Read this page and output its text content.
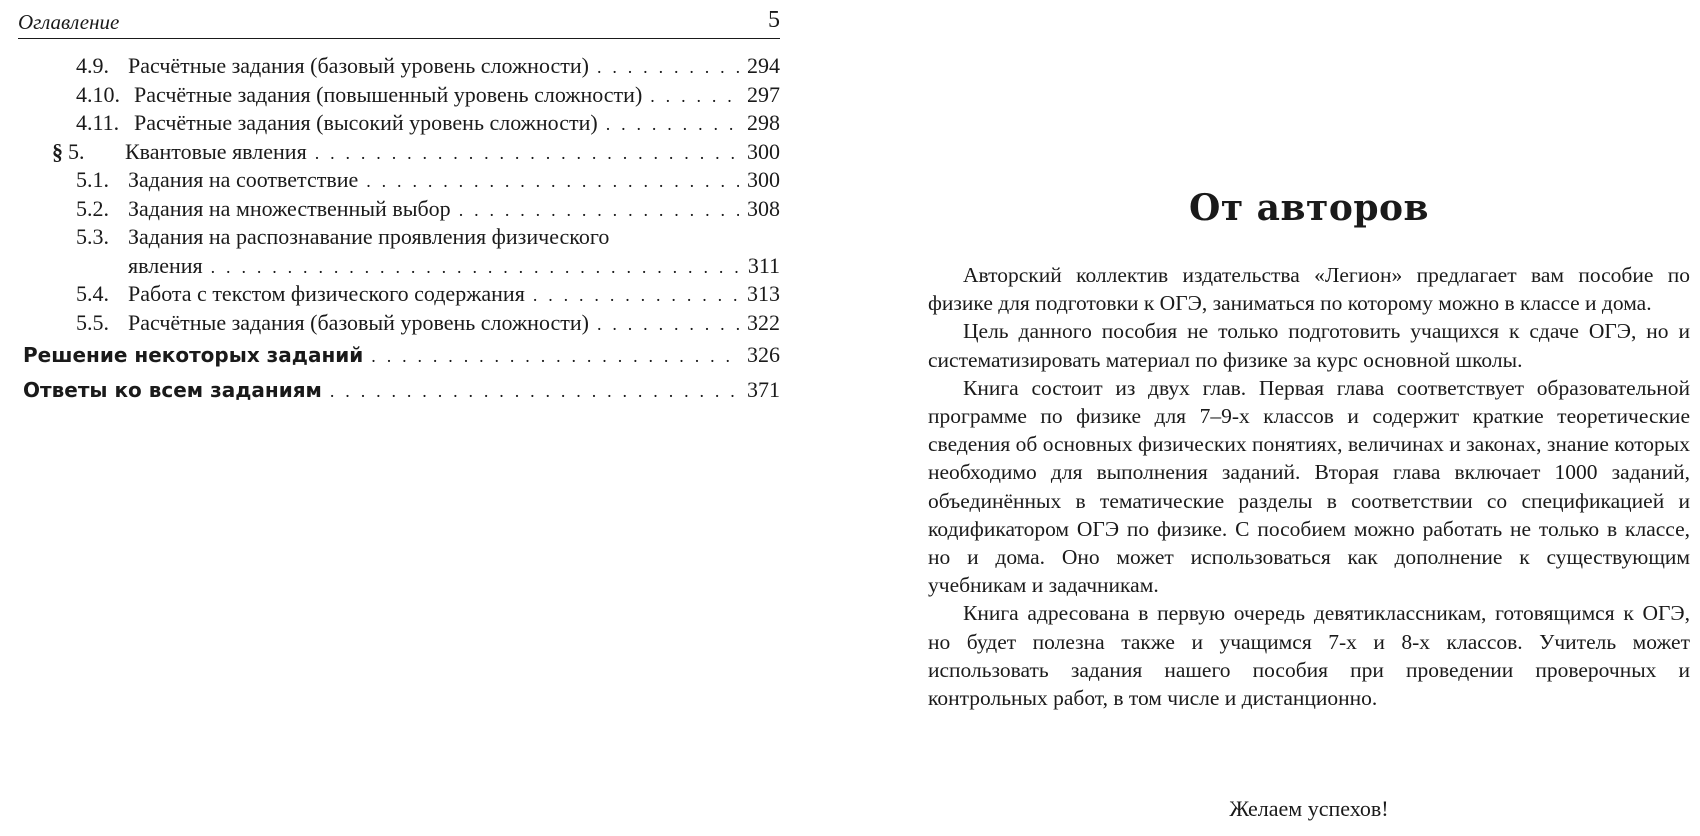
Оглавление	5
4.9. Расчётные задания (базовый уровень сложности) . . .	294
4.10. Расчётные задания (повышенный уровень сложности) . . .	297
4.11. Расчётные задания (высокий уровень сложности) . . .	298
§ 5. Квантовые явления . . .	300
5.1. Задания на соответствие . . .	300
5.2. Задания на множественный выбор . . .	308
5.3. Задания на распознавание проявления физического
явления . . .	311
5.4. Работа с текстом физического содержания . . .	313
5.5. Расчётные задания (базовый уровень сложности) . . .	322
Решение некоторых заданий . . .	326
Ответы ко всем заданиям . . .	371
От авторов

Авторский коллектив издательства «Легион» предлагает вам пособие по физике для подготовки к ОГЭ, заниматься по которому можно в классе и дома.

Цель данного пособия не только подготовить учащихся к сдаче ОГЭ, но и систематизировать материал по физике за курс основной школы.

Книга состоит из двух глав. Первая глава соответствует образовательной программе по физике для 7–9-х классов и содержит краткие теоретические сведения об основных физических понятиях, величинах и законах, знание которых необходимо для выполнения заданий. Вторая глава включает 1000 заданий, объединённых в тематические разделы в соответствии со спецификацией и кодификатором ОГЭ по физике. С пособием можно работать не только в классе, но и дома. Оно может использоваться как дополнение к существующим учебникам и задачникам.

Книга адресована в первую очередь девятиклассникам, готовящимся к ОГЭ, но будет полезна также и учащимся 7-х и 8-х классов. Учитель может использовать задания нашего пособия при проведении проверочных и контрольных работ, в том числе и дистанционно.

Желаем успехов!
